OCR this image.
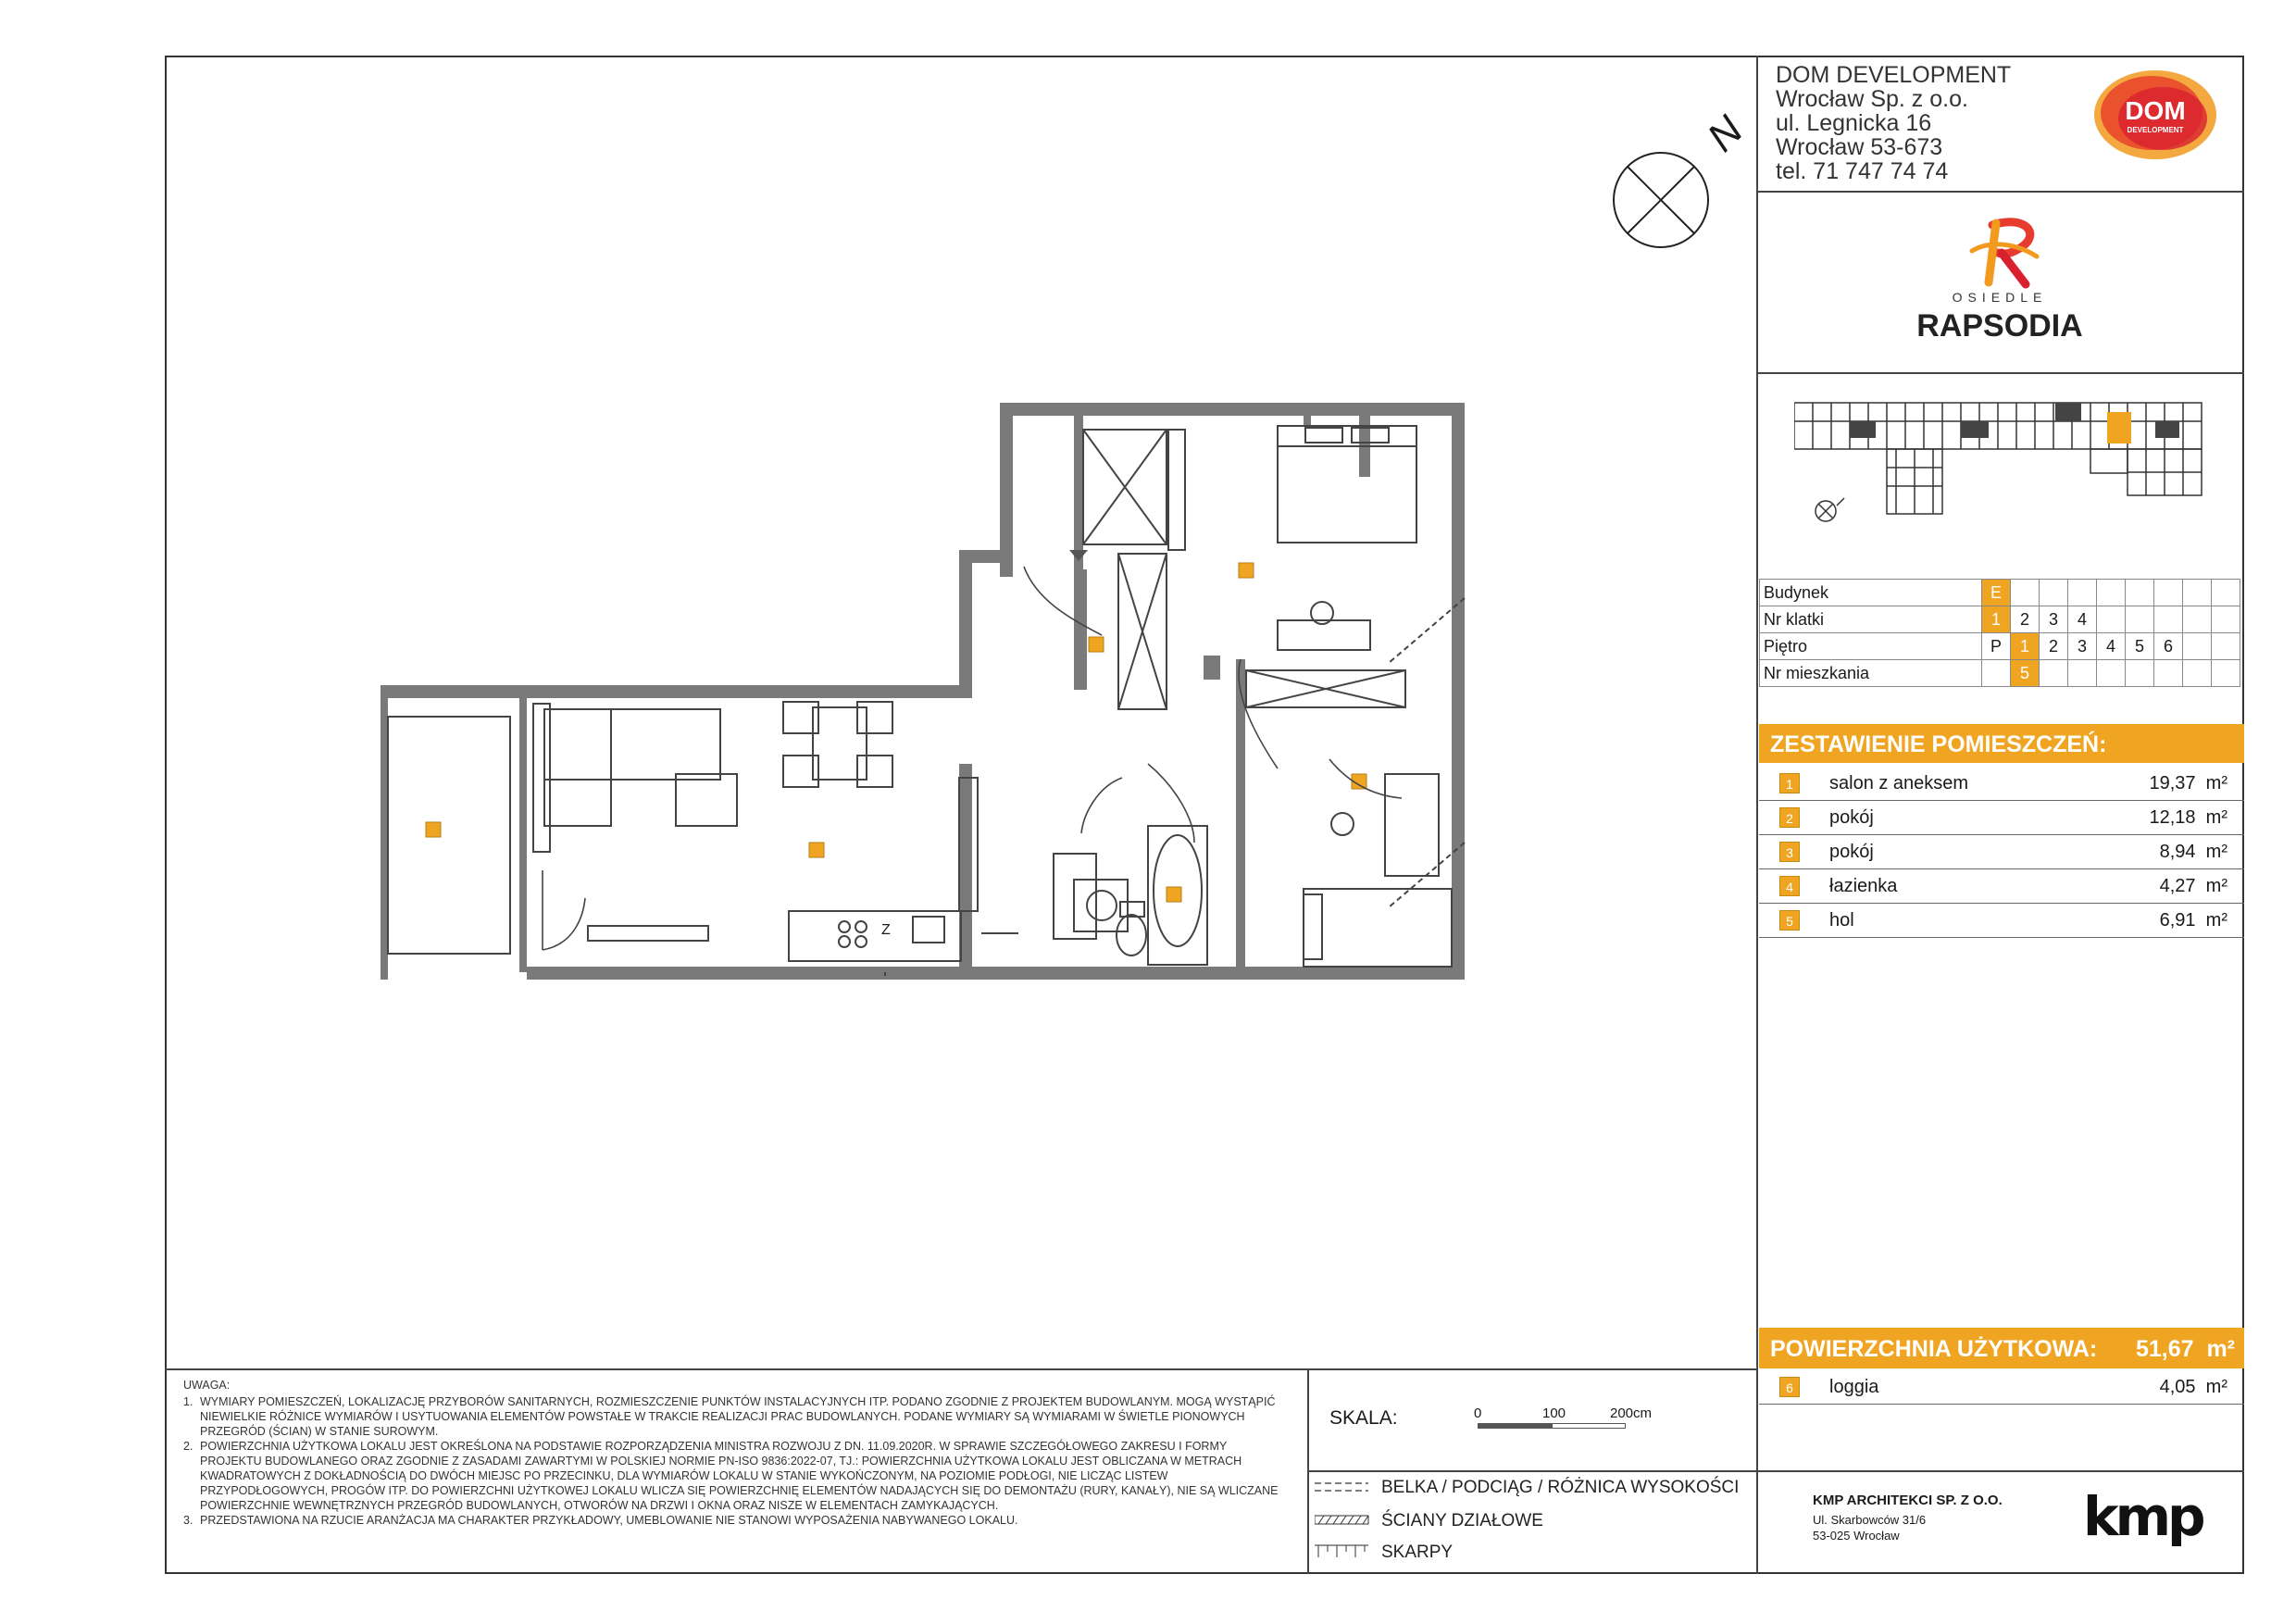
DOM DEVELOPMENT
Wrocław Sp. z o.o.
ul. Legnicka 16
Wrocław 53-673
tel. 71 747 74 74
DOM
DEVELOPMENT
OSIEDLE
RAPSODIA
Budynek	E								
Nr klatki	1	2	3	4					
Piętro	P	1	2	3	4	5	6		
Nr mieszkania		5							
ZESTAWIENIE POMIESZCZEŃ:
1	salon z aneksem	19,37 m²
2	pokój	12,18 m²
3	pokój	8,94 m²
4	łazienka	4,27 m²
5	hol	6,91 m²
POWIERZCHNIA UŻYTKOWA: 51,67 m²
6	loggia	4,05 m²
UWAGA:
1. WYMIARY POMIESZCZEŃ, LOKALIZACJĘ PRZYBORÓW SANITARNYCH, ROZMIESZCZENIE PUNKTÓW INSTALACYJNYCH ITP. PODANO ZGODNIE Z PROJEKTEM BUDOWLANYM. MOGĄ WYSTĄPIĆ NIEWIELKIE RÓŻNICE WYMIARÓW I USYTUOWANIA ELEMENTÓW POWSTAŁE W TRAKCIE REALIZACJI PRAC BUDOWLANYCH. PODANE WYMIARY SĄ WYMIARAMI W ŚWIETLE PIONOWYCH PRZEGRÓD (ŚCIAN) W STANIE SUROWYM.
2. POWIERZCHNIA UŻYTKOWA LOKALU JEST OKREŚLONA NA PODSTAWIE ROZPORZĄDZENIA MINISTRA ROZWOJU Z DN. 11.09.2020R. W SPRAWIE SZCZEGÓŁOWEGO ZAKRESU I FORMY PROJEKTU BUDOWLANEGO ORAZ ZGODNIE Z ZASADAMI ZAWARTYMI W POLSKIEJ NORMIE PN-ISO 9836:2022-07, TJ.: POWIERZCHNIA UŻYTKOWA LOKALU JEST OBLICZANA W METRACH KWADRATOWYCH Z DOKŁADNOŚCIĄ DO DWÓCH MIEJSC PO PRZECINKU, DLA WYMIARÓW LOKALU W STANIE WYKOŃCZONYM, NA POZIOMIE PODŁOGI, NIE LICZĄC LISTEW PRZYPODŁOGOWYCH, PROGÓW ITP. DO POWIERZCHNI UŻYTKOWEJ LOKALU WLICZA SIĘ POWIERZCHNIĘ ELEMENTÓW NADAJĄCYCH SIĘ DO DEMONTAŻU (RURY, KANAŁY), NIE SĄ WLICZANE POWIERZCHNIE WEWNĘTRZNYCH PRZEGRÓD BUDOWLANYCH, OTWORÓW NA DRZWI I OKNA ORAZ NISZE W ELEMENTACH ZAMYKAJĄCYCH.
3. PRZEDSTAWIONA NA RZUCIE ARANŻACJA MA CHARAKTER PRZYKŁADOWY, UMEBLOWANIE NIE STANOWI WYPOSAŻENIA NABYWANEGO LOKALU.
SKALA:	0	100	200cm
BELKA / PODCIĄG / RÓŻNICA WYSOKOŚCI
ŚCIANY DZIAŁOWE
SKARPY
KMP ARCHITEKCI SP. Z O.O.
Ul. Skarbowców 31/6
53-025 Wrocław	kmp
N
Z
